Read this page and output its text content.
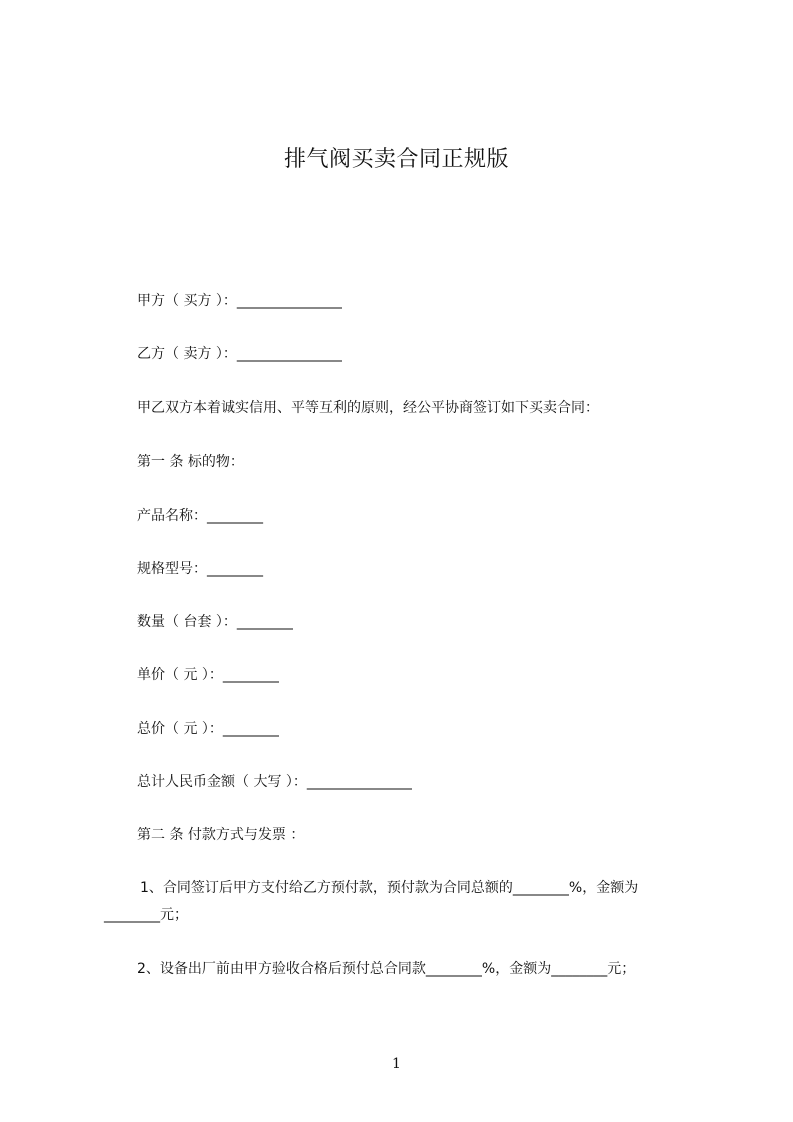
排气阀买卖合同正规版

甲方（ 买方 ）：_______________

乙方（ 卖方 ）：_______________

甲乙双方本着诚实信用、平等互利的原则，经公平协商签订如下买卖合同：

第一 条 标的物：

产品名称：________

规格型号：________

数量（ 台套 ）：________

单价（ 元 ）：________

总价（ 元 ）：________

总计人民币金额（ 大写 ）：_______________

第二 条 付款方式与发票 ：

1、合同签订后甲方支付给乙方预付款，预付款为合同总额的________%，金额为

________元；

2、设备出厂前由甲方验收合格后预付总合同款________%，金额为________元；

1
